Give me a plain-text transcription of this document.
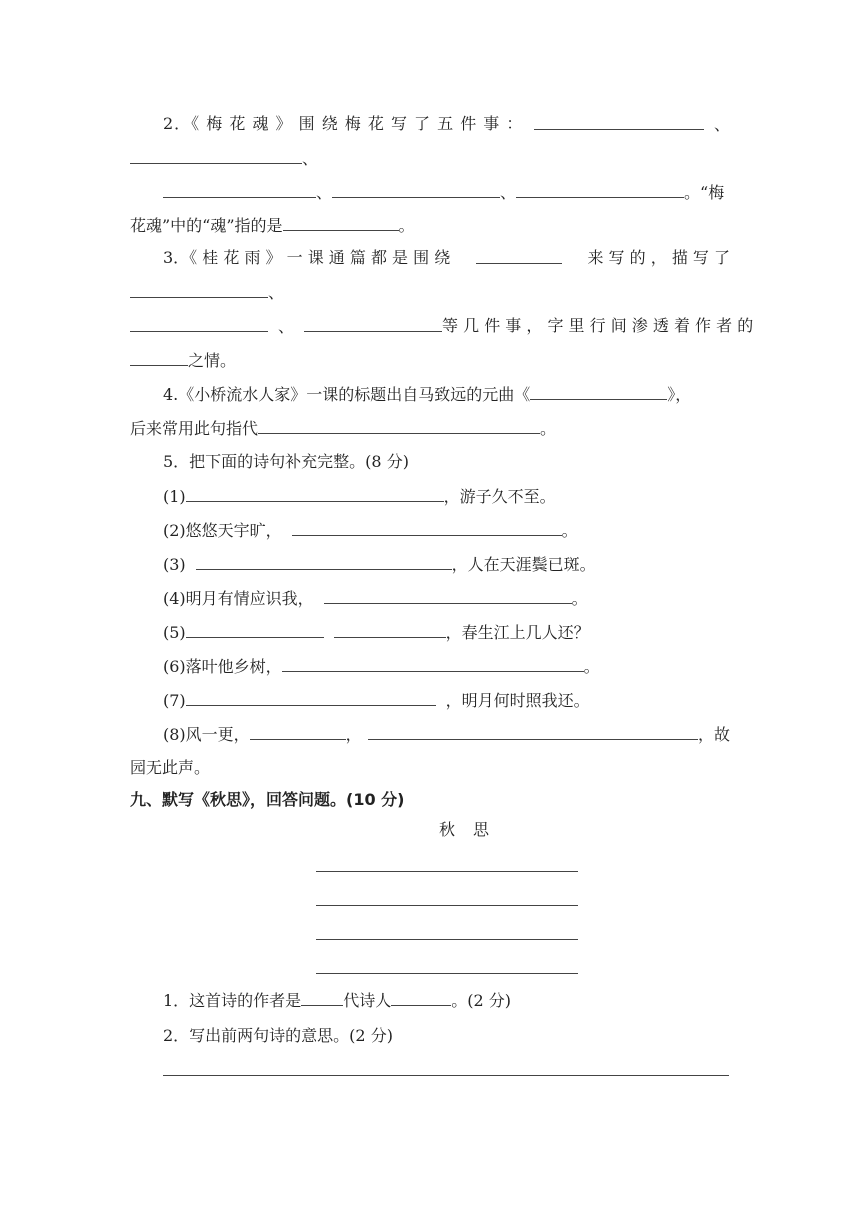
2．《 梅 花 魂 》 围 绕 梅 花 写 了 五 件 事 ：	、
、
、	、	。“梅
花魂”中的“魂”指的是	。
3．《 桂 花 雨 》 一 课 通 篇 都 是 围 绕	来 写 的 ， 描 写 了
、
、	等 几 件 事 ， 字 里 行 间 渗 透 着 作 者 的
之情。
4.《小桥流水人家》一课的标题出自马致远的元曲《	》，
后来常用此句指代	。
5．把下面的诗句补充完整。(8 分)
(1)	，游子久不至。
(2)悠悠天宇旷，	。
(3)	，人在天涯鬓已斑。
(4)明月有情应识我，	。
(5)	，春生江上几人还？
(6)落叶他乡树，	。
(7)	，明月何时照我还。
(8)风一更，	，	，故
园无此声。
九、默写《秋思》，回答问题。(10 分)
秋思
1．这首诗的作者是	代诗人	。(2 分)
2．写出前两句诗的意思。(2 分)
